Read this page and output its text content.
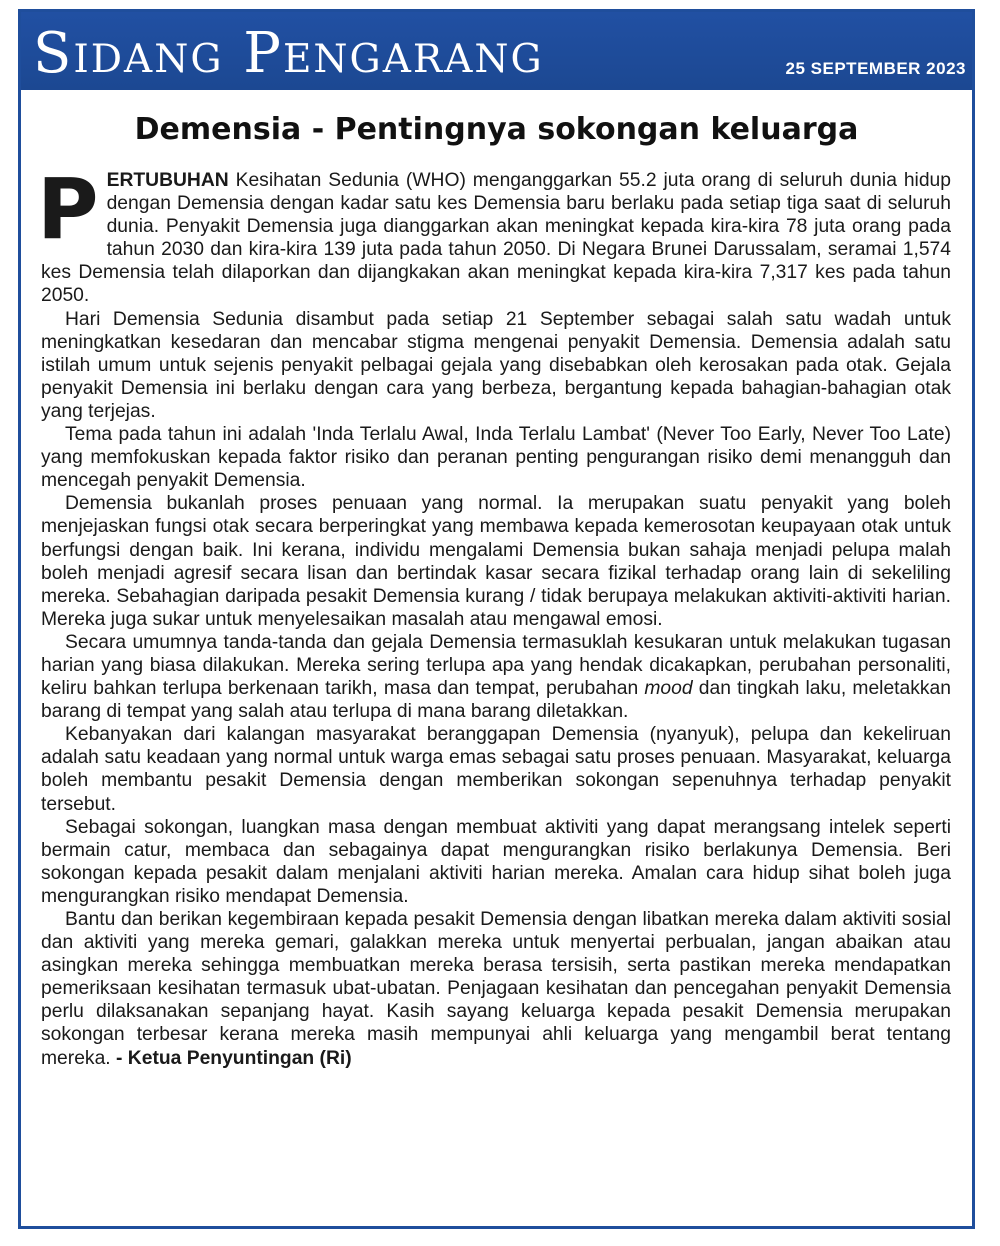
Sidang Pengarang	25 SEPTEMBER 2023
Demensia - Pentingnya sokongan keluarga

PERTUBUHAN Kesihatan Sedunia (WHO) menganggarkan 55.2 juta orang di seluruh dunia hidup dengan Demensia dengan kadar satu kes Demensia baru berlaku pada setiap tiga saat di seluruh dunia. Penyakit Demensia juga dianggarkan akan meningkat kepada kira-kira 78 juta orang pada tahun 2030 dan kira-kira 139 juta pada tahun 2050. Di Negara Brunei Darussalam, seramai 1,574 kes Demensia telah dilaporkan dan dijangkakan akan meningkat kepada kira-kira 7,317 kes pada tahun 2050.

Hari Demensia Sedunia disambut pada setiap 21 September sebagai salah satu wadah untuk meningkatkan kesedaran dan mencabar stigma mengenai penyakit Demensia. Demensia adalah satu istilah umum untuk sejenis penyakit pelbagai gejala yang disebabkan oleh kerosakan pada otak. Gejala penyakit Demensia ini berlaku dengan cara yang berbeza, bergantung kepada bahagian-bahagian otak yang terjejas.

Tema pada tahun ini adalah 'Inda Terlalu Awal, Inda Terlalu Lambat' (Never Too Early, Never Too Late) yang memfokuskan kepada faktor risiko dan peranan penting pengurangan risiko demi menangguh dan mencegah penyakit Demensia.

Demensia bukanlah proses penuaan yang normal. Ia merupakan suatu penyakit yang boleh menjejaskan fungsi otak secara berperingkat yang membawa kepada kemerosotan keupayaan otak untuk berfungsi dengan baik. Ini kerana, individu mengalami Demensia bukan sahaja menjadi pelupa malah boleh menjadi agresif secara lisan dan bertindak kasar secara fizikal terhadap orang lain di sekeliling mereka. Sebahagian daripada pesakit Demensia kurang / tidak berupaya melakukan aktiviti-aktiviti harian. Mereka juga sukar untuk menyelesaikan masalah atau mengawal emosi.

Secara umumnya tanda-tanda dan gejala Demensia termasuklah kesukaran untuk melakukan tugasan harian yang biasa dilakukan. Mereka sering terlupa apa yang hendak dicakapkan, perubahan personaliti, keliru bahkan terlupa berkenaan tarikh, masa dan tempat, perubahan mood dan tingkah laku, meletakkan barang di tempat yang salah atau terlupa di mana barang diletakkan.

Kebanyakan dari kalangan masyarakat beranggapan Demensia (nyanyuk), pelupa dan kekeliruan adalah satu keadaan yang normal untuk warga emas sebagai satu proses penuaan. Masyarakat, keluarga boleh membantu pesakit Demensia dengan memberikan sokongan sepenuhnya terhadap penyakit tersebut.

Sebagai sokongan, luangkan masa dengan membuat aktiviti yang dapat merangsang intelek seperti bermain catur, membaca dan sebagainya dapat mengurangkan risiko berlakunya Demensia. Beri sokongan kepada pesakit dalam menjalani aktiviti harian mereka. Amalan cara hidup sihat boleh juga mengurangkan risiko mendapat Demensia.

Bantu dan berikan kegembiraan kepada pesakit Demensia dengan libatkan mereka dalam aktiviti sosial dan aktiviti yang mereka gemari, galakkan mereka untuk menyertai perbualan, jangan abaikan atau asingkan mereka sehingga membuatkan mereka berasa tersisih, serta pastikan mereka mendapatkan pemeriksaan kesihatan termasuk ubat-ubatan. Penjagaan kesihatan dan pencegahan penyakit Demensia perlu dilaksanakan sepanjang hayat. Kasih sayang keluarga kepada pesakit Demensia merupakan sokongan terbesar kerana mereka masih mempunyai ahli keluarga yang mengambil berat tentang mereka. - Ketua Penyuntingan (Ri)
